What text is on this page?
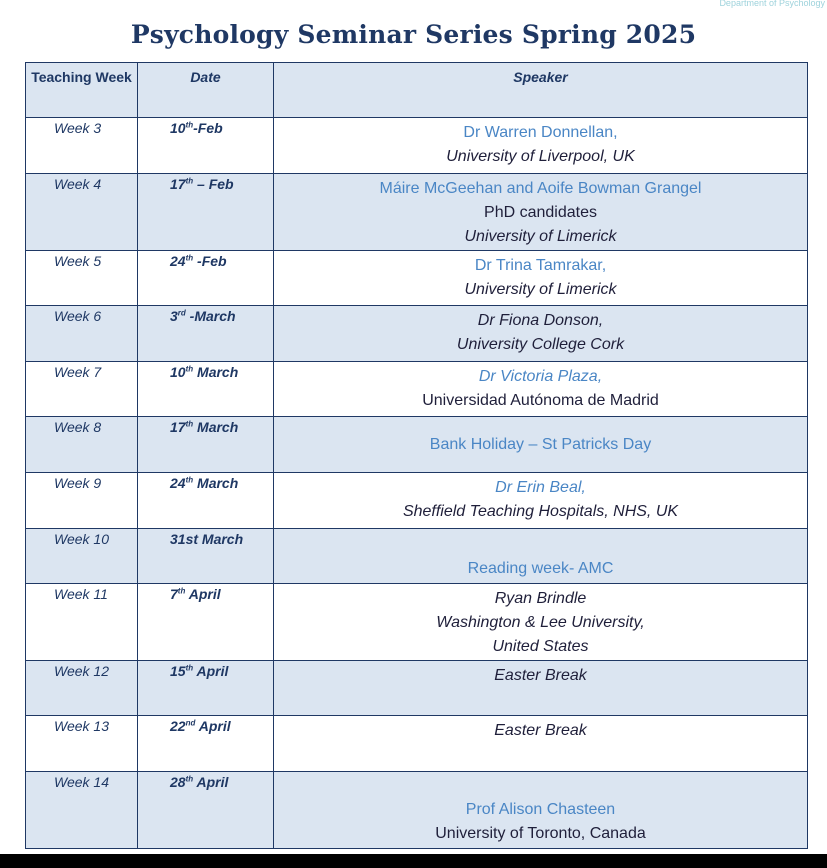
Department of Psychology
Psychology Seminar Series Spring 2025
Teaching Week	Date	Speaker
Week 3	10th-Feb	Dr Warren Donnellan,
University of Liverpool, UK

Week 4	17th – Feb	Máire McGeehan and Aoife Bowman Grangel
PhD candidates
University of Limerick

Week 5	24th -Feb	Dr Trina Tamrakar,
University of Limerick

Week 6	3rd -March	Dr Fiona Donson,
University College Cork

Week 7	10th March	Dr Victoria Plaza,
Universidad Autónoma de Madrid

Week 8	17th March	Bank Holiday – St Patricks Day

Week 9	24th March	Dr Erin Beal,
Sheffield Teaching Hospitals, NHS, UK

Week 10	31st March	Reading week- AMC

Week 11	7th April	Ryan Brindle
Washington & Lee University,
United States

Week 12	15th April	Easter Break

Week 13	22nd April	Easter Break

Week 14	28th April	Prof Alison Chasteen
University of Toronto, Canada
